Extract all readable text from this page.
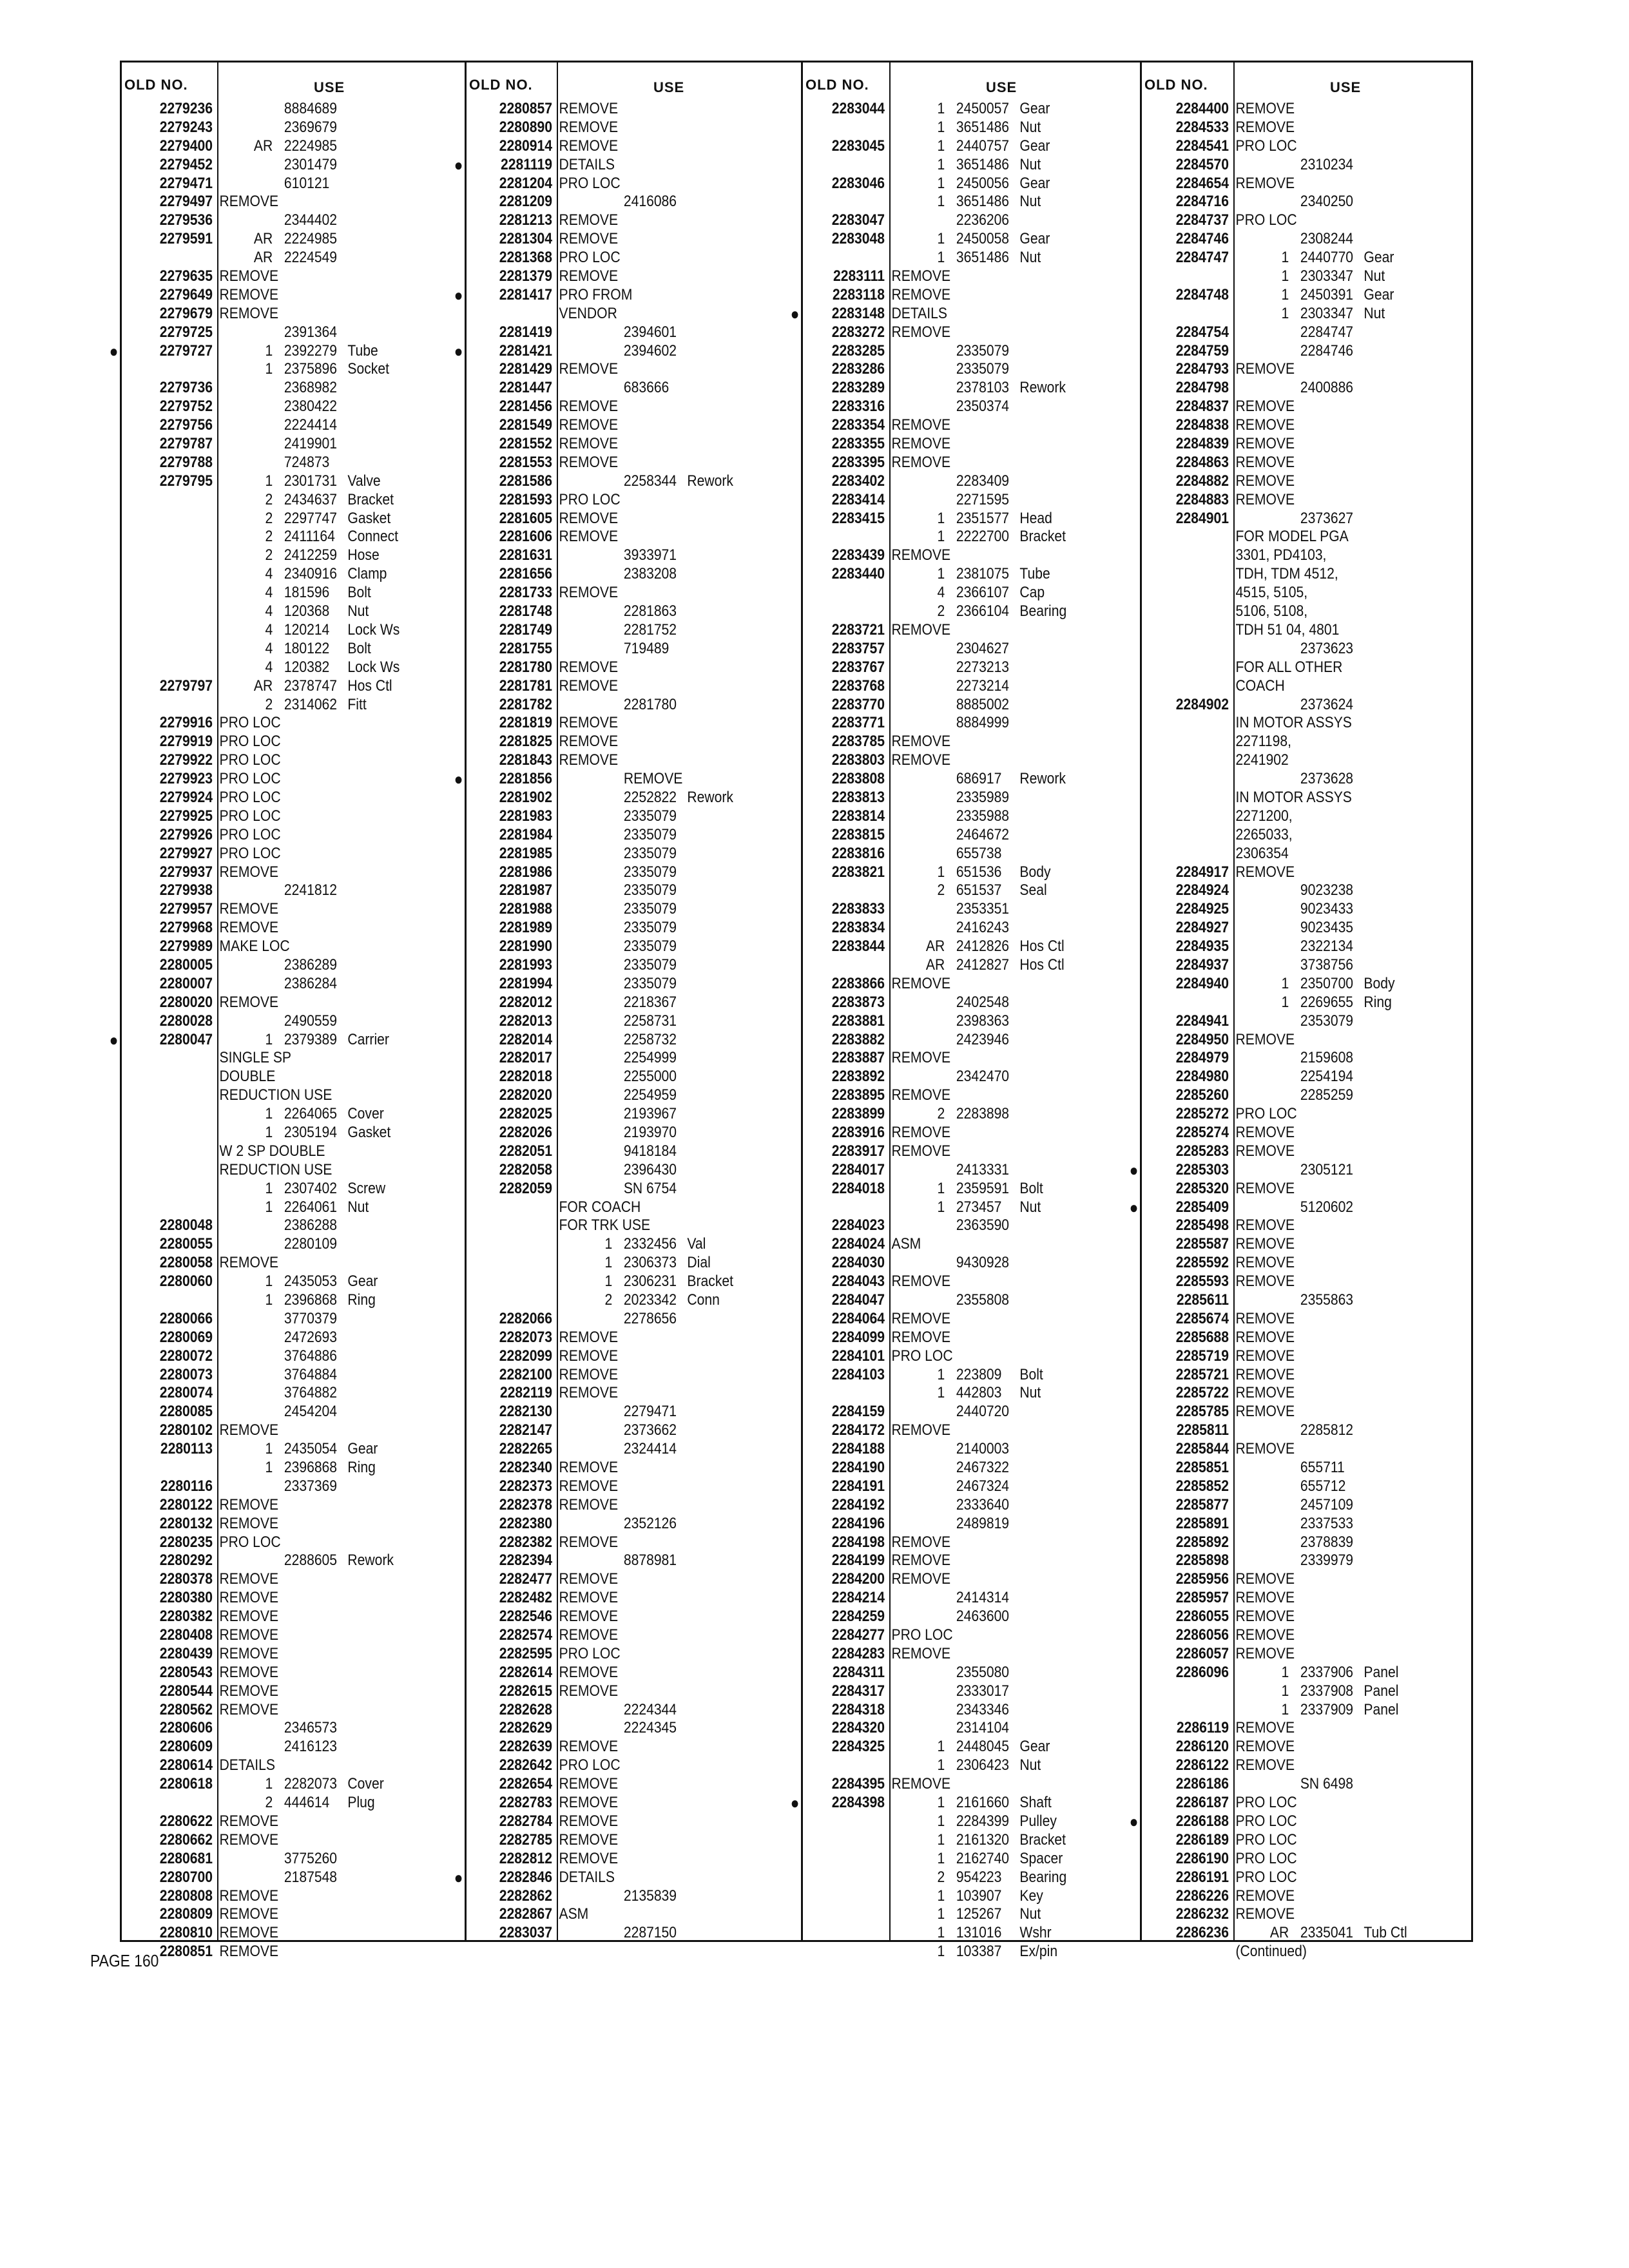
OLD NO.	USE
2279236	8884689
2279243	2369679
2279400	AR 2224985
2279452	2301479
2279471	610121
2279497 REMOVE
2279536	2344402
2279591	AR 2224985
AR 2224549
2279635 REMOVE
2279649 REMOVE
2279679 REMOVE
2279725	2391364
●	2279727	1 2392279 Tube
1 2375896 Socket
2279736	2368982
2279752	2380422
2279756	2224414
2279787	2419901
2279788	724873
2279795	1 2301731 Valve
2 2434637 Bracket
2 2297747 Gasket
2 2411164 Connect
2 2412259 Hose
4 2340916 Clamp
4 181596 Bolt
4 120368 Nut
4 120214 Lock Ws
4 180122 Bolt
4 120382 Lock Ws
2279797	AR 2378747 Hos Ctl
2 2314062 Fitt
2279916 PRO LOC
2279919 PRO LOC
2279922 PRO LOC
2279923 PRO LOC
2279924 PRO LOC
2279925 PRO LOC
2279926 PRO LOC
2279927 PRO LOC
2279937 REMOVE
2279938	2241812
2279957 REMOVE
2279968 REMOVE
2279989 MAKE LOC
2280005	2386289
2280007	2386284
2280020 REMOVE
2280028	2490559
●	2280047	1 2379389 Carrier
SINGLE SP
DOUBLE
REDUCTION USE
1 2264065 Cover
1 2305194 Gasket
W 2 SP DOUBLE
REDUCTION USE
1 2307402 Screw
1 2264061 Nut
2280048	2386288
2280055	2280109
2280058 REMOVE
2280060	1 2435053 Gear
1 2396868 Ring
2280066	3770379
2280069	2472693
2280072	3764886
2280073	3764884
2280074	3764882
2280085	2454204
2280102 REMOVE
2280113	1 2435054 Gear
1 2396868 Ring
2280116	2337369
2280122 REMOVE
2280132 REMOVE
2280235 PRO LOC
2280292	2288605 Rework
2280378 REMOVE
2280380 REMOVE
2280382 REMOVE
2280408 REMOVE
2280439 REMOVE
2280543 REMOVE
2280544 REMOVE
2280562 REMOVE
2280606	2346573
2280609	2416123
2280614 DETAILS
2280618	1 2282073 Cover
2 444614 Plug
2280622 REMOVE
2280662 REMOVE
2280681	3775260
2280700	2187548
2280808 REMOVE
2280809 REMOVE
2280810 REMOVE
2280851 REMOVE
OLD NO.	USE
2280857 REMOVE
2280890 REMOVE
2280914 REMOVE
●	2281119 DETAILS
2281204 PRO LOC
2281209	2416086
2281213 REMOVE
2281304 REMOVE
2281368 PRO LOC
2281379 REMOVE
●	2281417 PRO FROM
VENDOR
2281419	2394601
●	2281421	2394602
2281429 REMOVE
2281447	683666
2281456 REMOVE
2281549 REMOVE
2281552 REMOVE
2281553 REMOVE
2281586	2258344 Rework
2281593 PRO LOC
2281605 REMOVE
2281606 REMOVE
2281631	3933971
2281656	2383208
2281733 REMOVE
2281748	2281863
2281749	2281752
2281755	719489
2281780 REMOVE
2281781 REMOVE
2281782	2281780
2281819 REMOVE
2281825 REMOVE
2281843 REMOVE
●	2281856	REMOVE
2281902	2252822 Rework
2281983	2335079
2281984	2335079
2281985	2335079
2281986	2335079
2281987	2335079
2281988	2335079
2281989	2335079
2281990	2335079
2281993	2335079
2281994	2335079
2282012	2218367
2282013	2258731
2282014	2258732
2282017	2254999
2282018	2255000
2282020	2254959
2282025	2193967
2282026	2193970
2282051	9418184
2282058	2396430
2282059	SN 6754
FOR COACH
FOR TRK USE
1 2332456 Val
1 2306373 Dial
1 2306231 Bracket
2 2023342 Conn
2282066	2278656
2282073 REMOVE
2282099 REMOVE
2282100 REMOVE
2282119 REMOVE
2282130	2279471
2282147	2373662
2282265	2324414
2282340 REMOVE
2282373 REMOVE
2282378 REMOVE
2282380	2352126
2282382 REMOVE
2282394	8878981
2282477 REMOVE
2282482 REMOVE
2282546 REMOVE
2282574 REMOVE
2282595 PRO LOC
2282614 REMOVE
2282615 REMOVE
2282628	2224344
2282629	2224345
2282639 REMOVE
2282642 PRO LOC
2282654 REMOVE
2282783 REMOVE
2282784 REMOVE
2282785 REMOVE
2282812 REMOVE
●	2282846 DETAILS
2282862	2135839
2282867 ASM
2283037	2287150
OLD NO.	USE
2283044	1 2450057 Gear
1 3651486 Nut
2283045	1 2440757 Gear
1 3651486 Nut
2283046	1 2450056 Gear
1 3651486 Nut
2283047	2236206
2283048	1 2450058 Gear
1 3651486 Nut
2283111 REMOVE
2283118 REMOVE
●	2283148 DETAILS
2283272 REMOVE
2283285	2335079
2283286	2335079
2283289	2378103 Rework
2283316	2350374
2283354 REMOVE
2283355 REMOVE
2283395 REMOVE
2283402	2283409
2283414	2271595
2283415	1 2351577 Head
1 2222700 Bracket
2283439 REMOVE
2283440	1 2381075 Tube
4 2366107 Cap
2 2366104 Bearing
2283721 REMOVE
2283757	2304627
2283767	2273213
2283768	2273214
2283770	8885002
2283771	8884999
2283785 REMOVE
2283803 REMOVE
2283808	686917 Rework
2283813	2335989
2283814	2335988
2283815	2464672
2283816	655738
2283821	1 651536 Body
2 651537 Seal
2283833	2353351
2283834	2416243
2283844	AR 2412826 Hos Ctl
AR 2412827 Hos Ctl
2283866 REMOVE
2283873	2402548
2283881	2398363
2283882	2423946
2283887 REMOVE
2283892	2342470
2283895 REMOVE
2283899	2 2283898
2283916 REMOVE
2283917 REMOVE
2284017	2413331
2284018	1 2359591 Bolt
1 273457 Nut
2284023	2363590
2284024 ASM
2284030	9430928
2284043 REMOVE
2284047	2355808
2284064 REMOVE
2284099 REMOVE
2284101 PRO LOC
2284103	1 223809 Bolt
1 442803 Nut
2284159	2440720
2284172 REMOVE
2284188	2140003
2284190	2467322
2284191	2467324
2284192	2333640
2284196	2489819
2284198 REMOVE
2284199 REMOVE
2284200 REMOVE
2284214	2414314
2284259	2463600
2284277 PRO LOC
2284283 REMOVE
2284311	2355080
2284317	2333017
2284318	2343346
2284320	2314104
2284325	1 2448045 Gear
1 2306423 Nut
2284395 REMOVE
●	2284398	1 2161660 Shaft
1 2284399 Pulley
1 2161320 Bracket
1 2162740 Spacer
2 954223 Bearing
1 103907 Key
1 125267 Nut
1 131016 Wshr
1 103387 Ex/pin
OLD NO.	USE
2284400 REMOVE
2284533 REMOVE
2284541 PRO LOC
2284570	2310234
2284654 REMOVE
2284716	2340250
2284737 PRO LOC
2284746	2308244
2284747	1 2440770 Gear
1 2303347 Nut
2284748	1 2450391 Gear
1 2303347 Nut
2284754	2284747
2284759	2284746
2284793 REMOVE
2284798	2400886
2284837 REMOVE
2284838 REMOVE
2284839 REMOVE
2284863 REMOVE
2284882 REMOVE
2284883 REMOVE
2284901	2373627
FOR MODEL PGA
3301, PD4103,
TDH, TDM 4512,
4515, 5105,
5106, 5108,
TDH 51 04, 4801
2373623
FOR ALL OTHER
COACH
2284902	2373624
IN MOTOR ASSYS
2271198,
2241902
2373628
IN MOTOR ASSYS
2271200,
2265033,
2306354
2284917 REMOVE
2284924	9023238
2284925	9023433
2284927	9023435
2284935	2322134
2284937	3738756
2284940	1 2350700 Body
1 2269655 Ring
2284941	2353079
2284950 REMOVE
2284979	2159608
2284980	2254194
2285260	2285259
2285272 PRO LOC
2285274 REMOVE
2285283 REMOVE
●	2285303	2305121
2285320 REMOVE
●	2285409	5120602
2285498 REMOVE
2285587 REMOVE
2285592 REMOVE
2285593 REMOVE
2285611	2355863
2285674 REMOVE
2285688 REMOVE
2285719 REMOVE
2285721 REMOVE
2285722 REMOVE
2285785 REMOVE
2285811	2285812
2285844 REMOVE
2285851	655711
2285852	655712
2285877	2457109
2285891	2337533
2285892	2378839
2285898	2339979
2285956 REMOVE
2285957 REMOVE
2286055 REMOVE
2286056 REMOVE
2286057 REMOVE
2286096	1 2337906 Panel
1 2337908 Panel
1 2337909 Panel
2286119 REMOVE
2286120 REMOVE
2286122 REMOVE
2286186	SN 6498
2286187 PRO LOC
●	2286188 PRO LOC
2286189 PRO LOC
2286190 PRO LOC
2286191 PRO LOC
2286226 REMOVE
2286232 REMOVE
2286236	AR 2335041 Tub Ctl
(Continued)
PAGE 160
